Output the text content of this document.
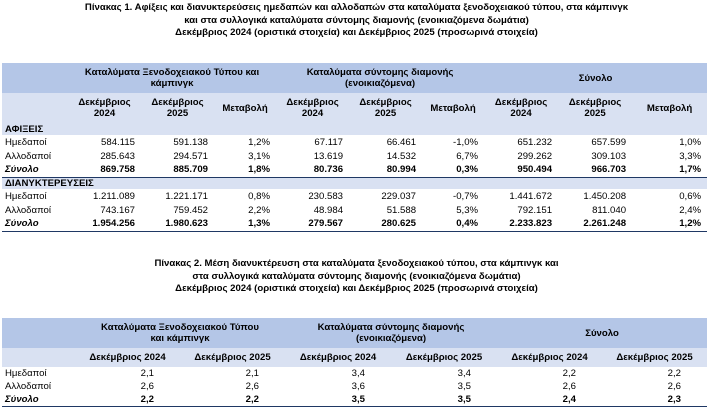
Πίνακας 1. Αφίξεις και διανυκτερεύσεις ημεδαπών και αλλοδαπών στα καταλύματα ξενοδοχειακού τύπου, στα κάμπινγκ
και στα συλλογικά καταλύματα σύντομης διαμονής (ενοικιαζόμενα δωμάτια)
Δεκέμβριος 2024 (οριστικά στοιχεία) και Δεκέμβριος 2025 (προσωρινά στοιχεία)
	Καταλύματα Ξενοδοχειακού Τύπου και κάμπινγκ			Καταλύματα σύντομης διαμονής (ενοικιαζόμενα)			Σύνολο		
	Δεκέμβριος 2024	Δεκέμβριος 2025	Μεταβολή	Δεκέμβριος 2024	Δεκέμβριος 2025	Μεταβολή	Δεκέμβριος 2024	Δεκέμβριος 2025	Μεταβολή
ΑΦΙΞΕΙΣ									
Ημεδαποί	584.115	591.138	1,2%	67.117	66.461	-1,0%	651.232	657.599	1,0%
Αλλοδαποί	285.643	294.571	3,1%	13.619	14.532	6,7%	299.262	309.103	3,3%
Σύνολο	869.758	885.709	1,8%	80.736	80.994	0,3%	950.494	966.703	1,7%
ΔΙΑΝΥΚΤΕΡΕΥΣΕΙΣ									
Ημεδαποί	1.211.089	1.221.171	0,8%	230.583	229.037	-0,7%	1.441.672	1.450.208	0,6%
Αλλοδαποί	743.167	759.452	2,2%	48.984	51.588	5,3%	792.151	811.040	2,4%
Σύνολο	1.954.256	1.980.623	1,3%	279.567	280.625	0,4%	2.233.823	2.261.248	1,2%
Πίνακας 2. Μέση διανυκτέρευση στα καταλύματα ξενοδοχειακού τύπου, στα κάμπινγκ και
στα συλλογικά καταλύματα σύντομης διαμονής (ενοικιαζόμενα δωμάτια)
Δεκέμβριος 2024 (οριστικά στοιχεία) και Δεκέμβριος 2025 (προσωρινά στοιχεία)
	Καταλύματα Ξενοδοχειακού Τύπου και κάμπινγκ		Καταλύματα σύντομης διαμονής (ενοικιαζόμενα)		Σύνολο	
	Δεκέμβριος 2024	Δεκέμβριος 2025	Δεκέμβριος 2024	Δεκέμβριος 2025	Δεκέμβριος 2024	Δεκέμβριος 2025
Ημεδαποί	2,1	2,1	3,4	3,4	2,2	2,2
Αλλοδαποί	2,6	2,6	3,6	3,5	2,6	2,6
Σύνολο	2,2	2,2	3,5	3,5	2,4	2,3
